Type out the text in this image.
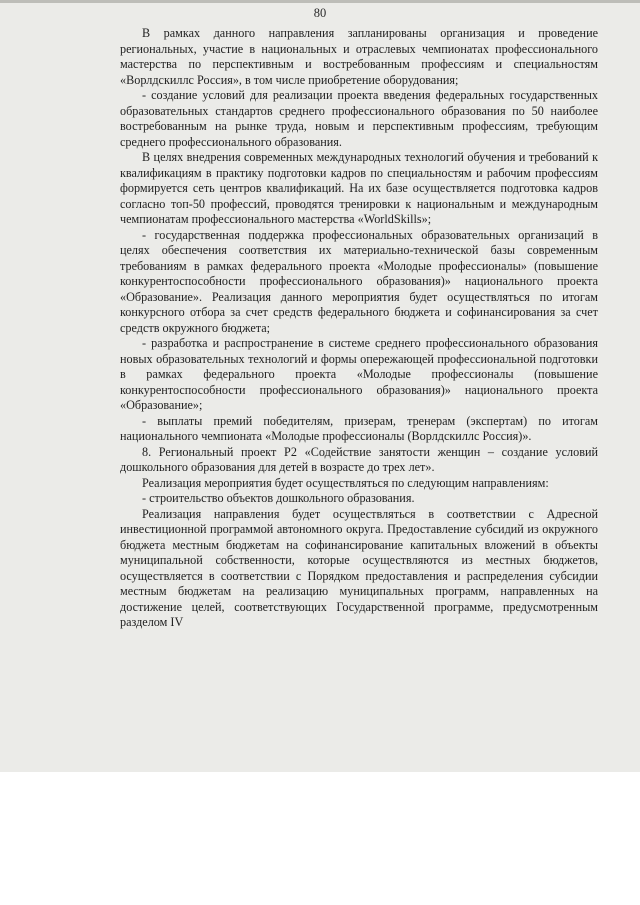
80

В рамках данного направления запланированы организация и проведение региональных, участие в национальных и отраслевых чемпионатах профессионального мастерства по перспективным и востребованным профессиям и специальностям «Ворлдскиллс Россия», в том числе приобретение оборудования;

- создание условий для реализации проекта введения федеральных государственных образовательных стандартов среднего профессионального образования по 50 наиболее востребованным на рынке труда, новым и перспективным профессиям, требующим среднего профессионального образования.

В целях внедрения современных международных технологий обучения и требований к квалификациям в практику подготовки кадров по специальностям и рабочим профессиям формируется сеть центров квалификаций. На их базе осуществляется подготовка кадров согласно топ-50 профессий, проводятся тренировки к национальным и международным чемпионатам профессионального мастерства «WorldSkills»;

- государственная поддержка профессиональных образовательных организаций в целях обеспечения соответствия их материально-технической базы современным требованиям в рамках федерального проекта «Молодые профессионалы» (повышение конкурентоспособности профессионального образования)» национального проекта «Образование». Реализация данного мероприятия будет осуществляться по итогам конкурсного отбора за счет средств федерального бюджета и софинансирования за счет средств окружного бюджета;

- разработка и распространение в системе среднего профессионального образования новых образовательных технологий и формы опережающей профессиональной подготовки в рамках федерального проекта «Молодые профессионалы (повышение конкурентоспособности профессионального образования)» национального проекта «Образование»;

- выплаты премий победителям, призерам, тренерам (экспертам) по итогам национального чемпионата «Молодые профессионалы (Ворлдскиллс Россия)».

8. Региональный проект Р2 «Содействие занятости женщин – создание условий дошкольного образования для детей в возрасте до трех лет».

Реализация мероприятия будет осуществляться по следующим направлениям:

- строительство объектов дошкольного образования.

Реализация направления будет осуществляться в соответствии с Адресной инвестиционной программой автономного округа. Предоставление субсидий из окружного бюджета местным бюджетам на софинансирование капитальных вложений в объекты муниципальной собственности, которые осуществляются из местных бюджетов, осуществляется в соответствии с Порядком предоставления и распределения субсидии местным бюджетам на реализацию муниципальных программ, направленных на достижение целей, соответствующих Государственной программе, предусмотренным разделом IV
